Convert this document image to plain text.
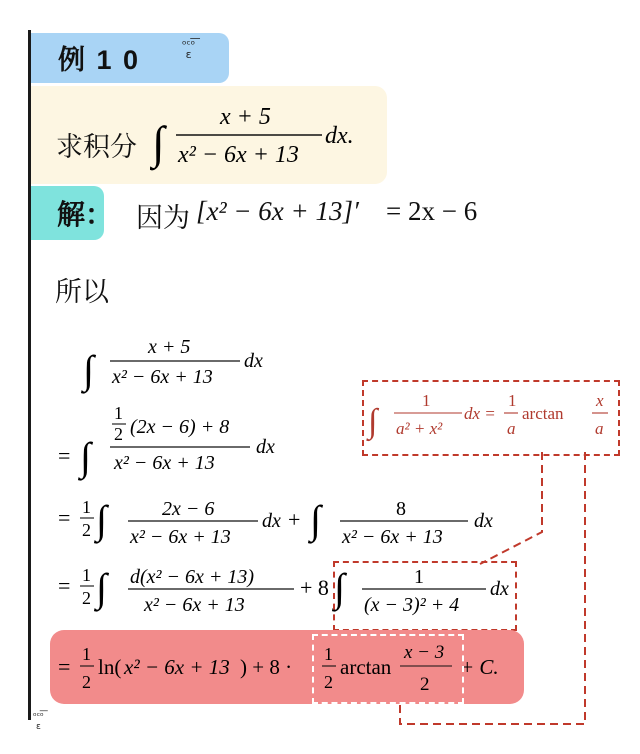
例 1 0
ᵒᶜᵒ͞
ε
求积分 ∫ x + 5
x² − 6x + 13
dx.
解： 因为 [x² − 6x + 13]′ = 2x − 6
所以
∫	x + 5
x² − 6x + 13
dx
= ∫
1
2 (2x − 6) + 8
x² − 6x + 13
dx
= 1
2 ∫	2x − 6
x² − 6x + 13
dx + ∫	8
x² − 6x + 13
dx
= 1
2 ∫ d(x² − 6x + 13)
x² − 6x + 13
+ 8 ∫	1
(x − 3)² + 4
dx
∫
1
a² + x²
dx =
1
a
arctan
x
a
= 1
2
ln( x² − 6x + 13 ) + 8 ·
1
2
arctan
x − 3
2
+ C.
ᵒᶜᵒ͞
ε
